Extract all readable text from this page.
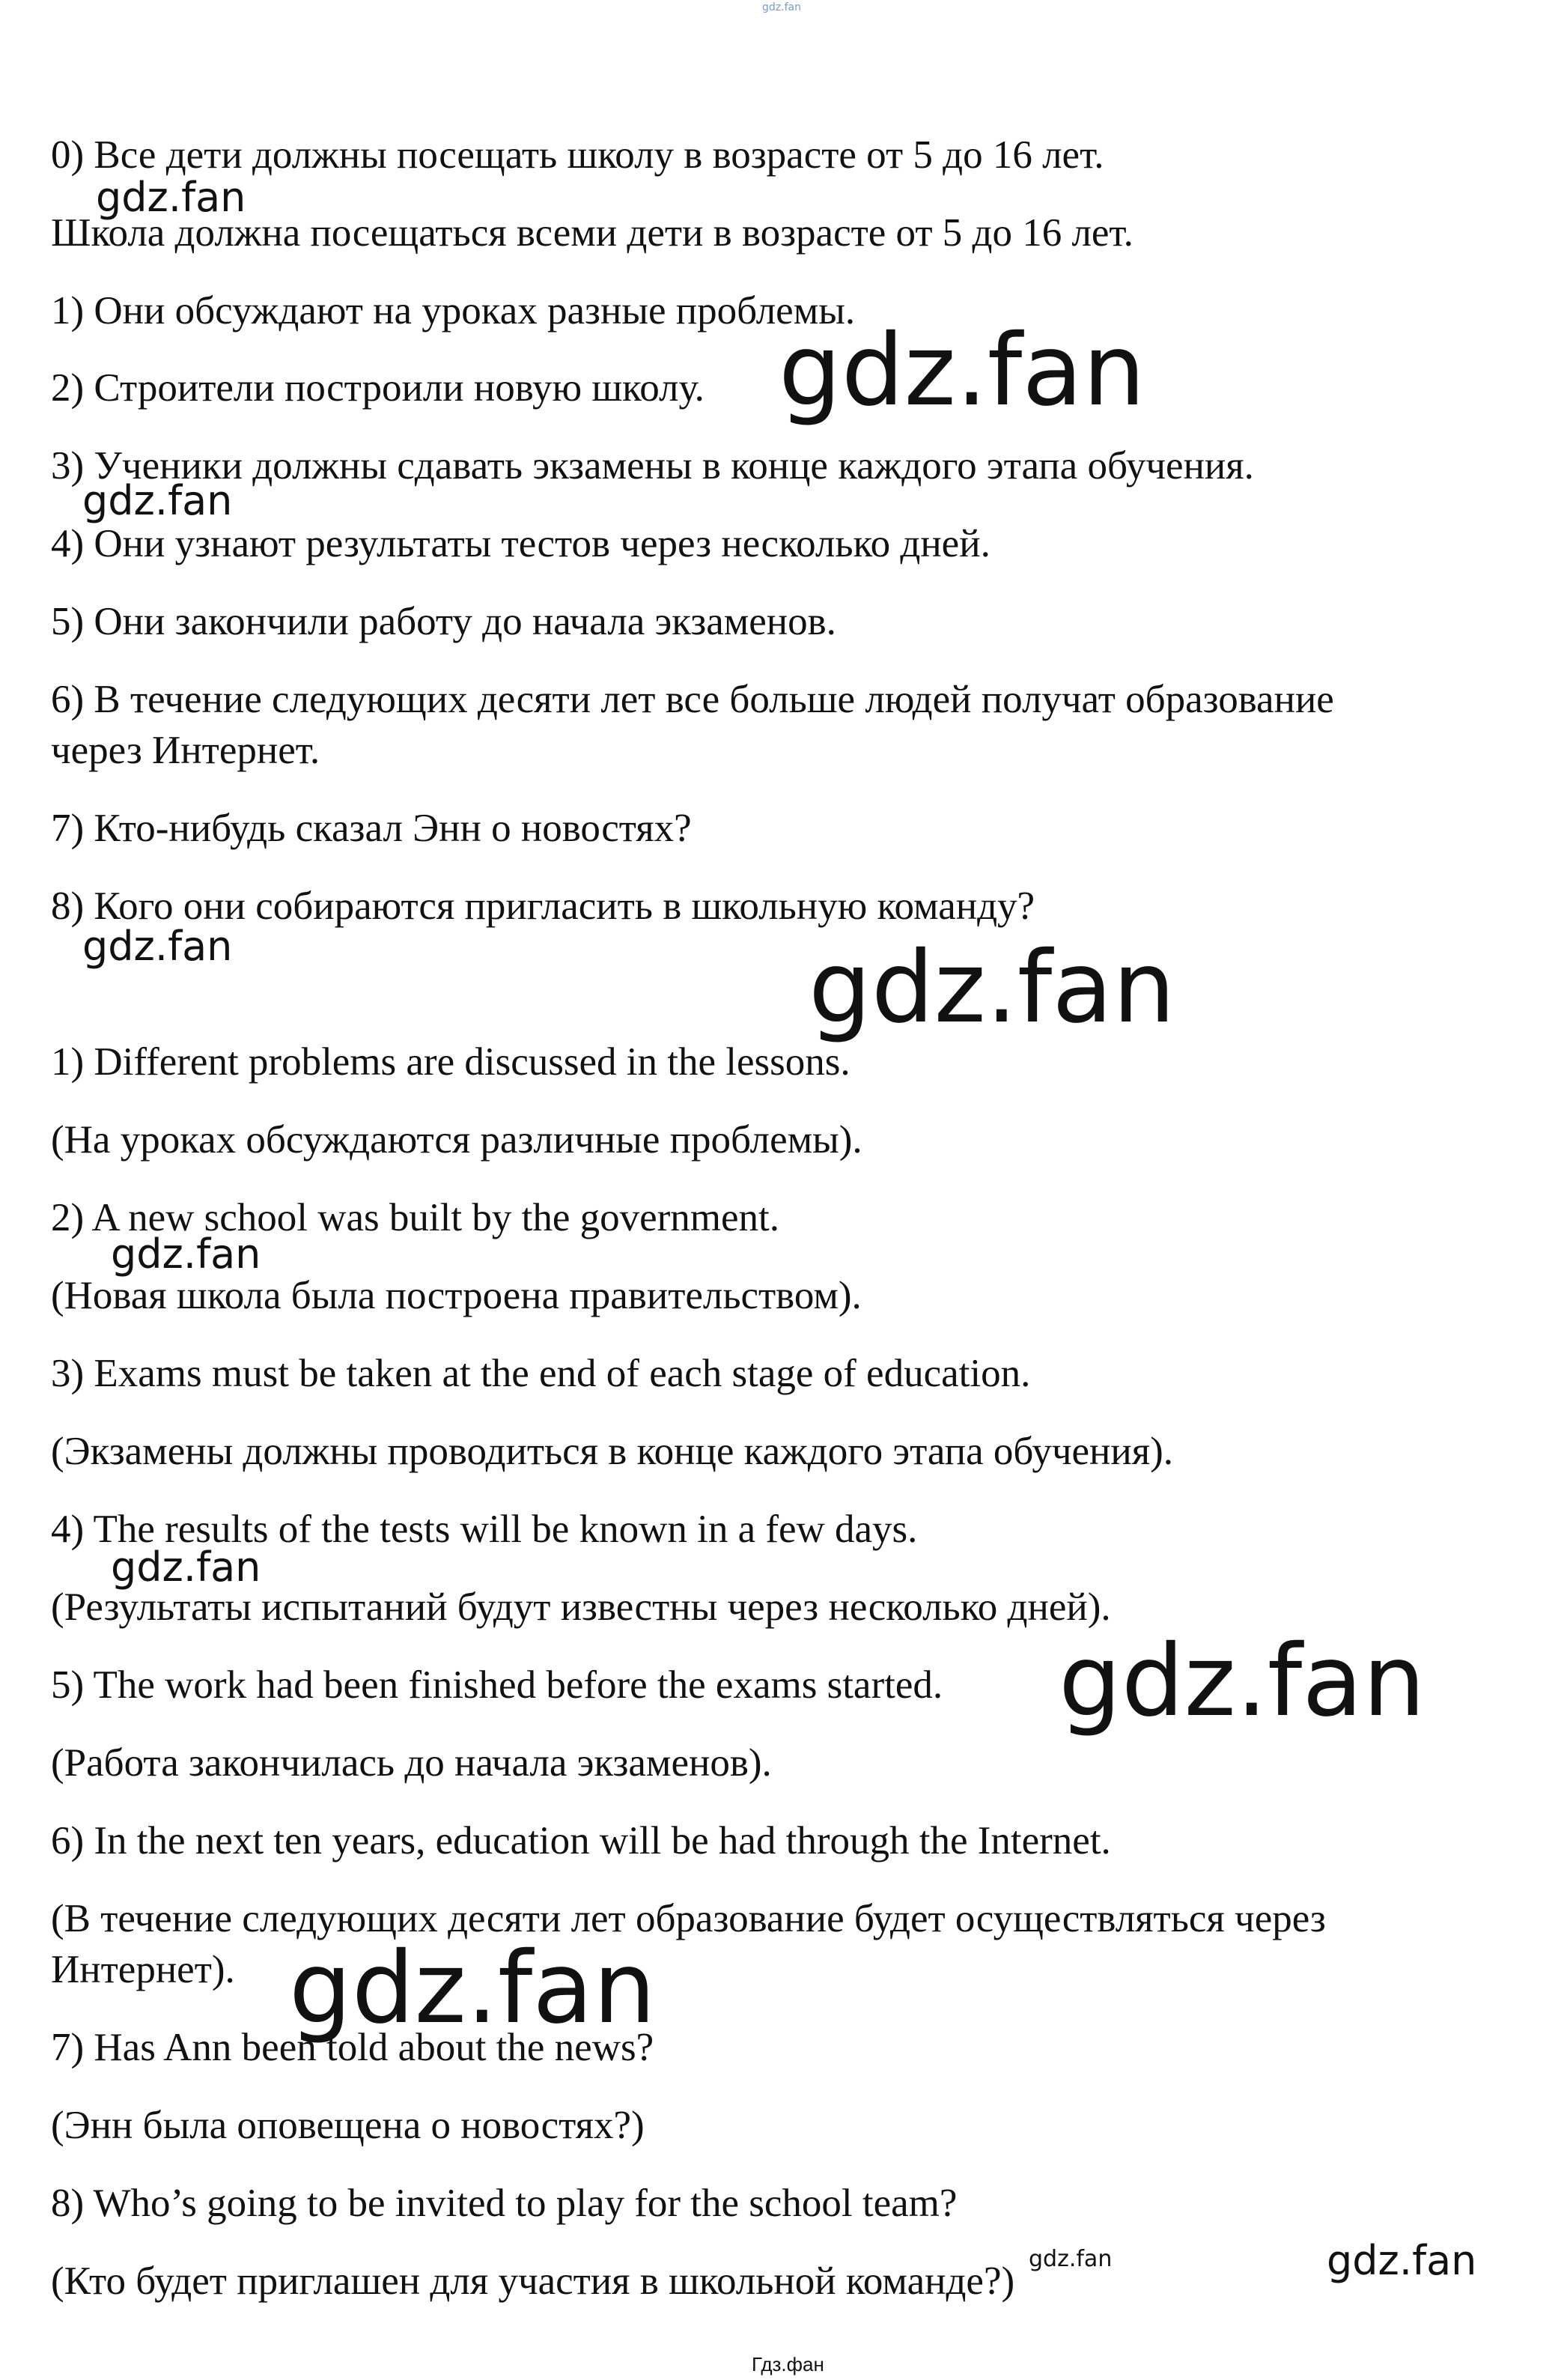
gdz.fan

0) Все дети должны посещать школу в возрасте от 5 до 16 лет.

Школа должна посещаться всеми дети в возрасте от 5 до 16 лет.

1) Они обсуждают на уроках разные проблемы.

2) Строители построили новую школу.

3) Ученики должны сдавать экзамены в конце каждого этапа обучения.

4) Они узнают результаты тестов через несколько дней.

5) Они закончили работу до начала экзаменов.

6) В течение следующих десяти лет все больше людей получат образование

через Интернет.

7) Кто-нибудь сказал Энн о новостях?

8) Кого они собираются пригласить в школьную команду?

1) Different problems are discussed in the lessons.

(На уроках обсуждаются различные проблемы).

2) A new school was built by the government.

(Новая школа была построена правительством).

3) Exams must be taken at the end of each stage of education.

(Экзамены должны проводиться в конце каждого этапа обучения).

4) The results of the tests will be known in a few days.

(Результаты испытаний будут известны через несколько дней).

5) The work had been finished before the exams started.

(Работа закончилась до начала экзаменов).

6) In the next ten years, education will be had through the Internet.

(В течение следующих десяти лет образование будет осуществляться через

Интернет).

7) Has Ann been told about the news?

(Энн была оповещена о новостях?)

8) Who’s going to be invited to play for the school team?

(Кто будет приглашен для участия в школьной команде?)

gdz.fan
gdz.fan
gdz.fan
gdz.fan	gdz.fan
gdz.fan
gdz.fan
gdz.fan
gdz.fan
gdz.fan
gdz.fan
Гдз.фан
